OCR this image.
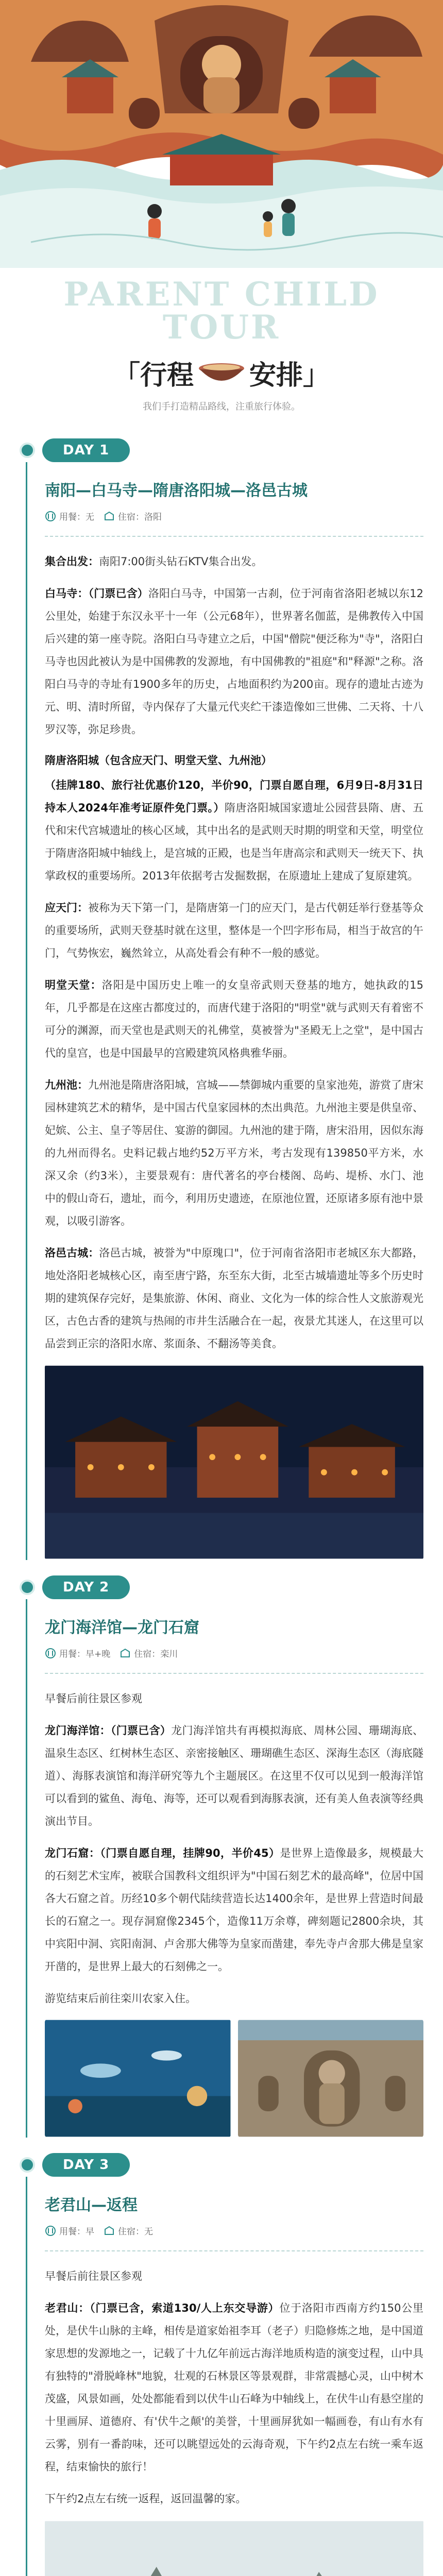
PARENT CHILD TOUR
「行程 安排」
我们手打造精品路线，注重旅行体验。
DAY 1
南阳—白马寺—隋唐洛阳城—洛邑古城
用餐：无	住宿：洛阳

集合出发：南阳7:00街头钻石KTV集合出发。

白马寺：（门票已含）洛阳白马寺，中国第一古刹，位于河南省洛阳老城以东12公里处，始建于东汉永平十一年（公元68年），世界著名伽蓝，是佛教传入中国后兴建的第一座寺院。洛阳白马寺建立之后，中国"僧院"便泛称为"寺"，洛阳白马寺也因此被认为是中国佛教的发源地，有中国佛教的"祖庭"和"释源"之称。洛阳白马寺的寺址有1900多年的历史，占地面积约为200亩。现存的遗址古迹为元、明、清时所留，寺内保存了大量元代夹纻干漆造像如三世佛、二天将、十八罗汉等，弥足珍贵。

隋唐洛阳城（包含应天门、明堂天堂、九州池）

（挂牌180、旅行社优惠价120，半价90，门票自愿自理，6月9日-8月31日持本人2024年准考证原件免门票。）隋唐洛阳城国家遗址公园营县隋、唐、五代和宋代宫城遗址的核心区域，其中出名的是武则天时期的明堂和天堂，明堂位于隋唐洛阳城中轴线上，是宫城的正殿，也是当年唐高宗和武则天一统天下、执掌政权的重要场所。2013年依据考古发掘数据，在原遗址上建成了复原建筑。

应天门：被称为天下第一门，是隋唐第一门的应天门，是古代朝廷举行登基等众的重要场所，武则天登基时就在这里，整体是一个凹字形布局，相当于故宫的午门，气势恢宏，巍然耸立，从高处看会有种不一般的感觉。

明堂天堂：洛阳是中国历史上唯一的女皇帝武则天登基的地方，她执政的15年，几乎都是在这座古都度过的，而唐代建于洛阳的"明堂"就与武则天有着密不可分的渊源，而天堂也是武则天的礼佛堂，莫被誉为"圣殿无上之堂"，是中国古代的皇宫，也是中国最早的宫殿建筑风格典雅华丽。

九州池：九州池是隋唐洛阳城，宫城——禁御城内重要的皇家池苑，游赏了唐宋园林建筑艺术的精华，是中国古代皇家园林的杰出典范。九州池主要是供皇帝、妃嫔、公主、皇子等居住、宴游的御园。九州池的建于隋，唐宋沿用，因似东海的九州而得名。史料记载占地约52万平方米，考古发现有139850平方米，水深又余（约3米），主要景观有：唐代著名的亭台楼阁、岛屿、堤桥、水门、池中的假山奇石，遗址，而今，利用历史遗迹，在原池位置，还原诸多原有池中景观，以吸引游客。

洛邑古城：洛邑古城，被誉为"中原瑰口"，位于河南省洛阳市老城区东大都路，地处洛阳老城核心区，南至唐宁路，东至东大街，北至古城墙遗址等多个历史时期的建筑保存完好，是集旅游、休闲、商业、文化为一体的综合性人文旅游观光区，古色古香的建筑与热闹的市井生活融合在一起，夜景尤其迷人，在这里可以品尝到正宗的洛阳水席、浆面条、不翻汤等美食。

DAY 2
龙门海洋馆—龙门石窟
用餐：早+晚	住宿：栾川

早餐后前往景区参观

龙门海洋馆：（门票已含）龙门海洋馆共有再模拟海底、周林公园、珊瑚海底、温泉生态区、红树林生态区、亲密接触区、珊瑚礁生态区、深海生态区（海底隧道）、海豚表演馆和海洋研究等九个主题展区。在这里不仅可以见到一般海洋馆可以看到的鲨鱼、海龟、海等，还可以观看到海豚表演，还有美人鱼表演等经典演出节目。

龙门石窟：（门票自愿自理，挂牌90，半价45）是世界上造像最多，规模最大的石刻艺术宝库，被联合国教科文组织评为"中国石刻艺术的最高峰"，位居中国各大石窟之首。历经10多个朝代陆续营造长达1400余年，是世界上营造时间最长的石窟之一。现存洞窟像2345个，造像11万余尊，碑刻题记2800余块，其中宾阳中洞、宾阳南洞、卢舍那大佛等为皇家而凿建，奉先寺卢舍那大佛是皇家开凿的，是世界上最大的石刻佛之一。

游览结束后前往栾川农家入住。

DAY 3
老君山—返程
用餐：早	住宿：无

早餐后前往景区参观

老君山：（门票已含，索道130/人上东交导游）位于洛阳市西南方约150公里处，是伏牛山脉的主峰，相传是道家始祖李耳（老子）归隐修炼之地，是中国道家思想的发源地之一，记载了十九亿年前远古海洋地质构造的演变过程，山中具有独特的"滑脱峰林"地貌，壮观的石林景区等景观群，非常震撼心灵，山中树木茂盛，风景如画，处处都能看到以伏牛山石峰为中轴线上，在伏牛山有悬空崖的十里画屏、道德府、有'伏牛之颠'的美誉，十里画屏犹如一幅画卷，有山有水有云雾，别有一番韵味，还可以眺望远处的云海奇观，下午约2点左右统一乘车返程，结束愉快的旅行！

下午约2点左右统一返程，返回温馨的家。
